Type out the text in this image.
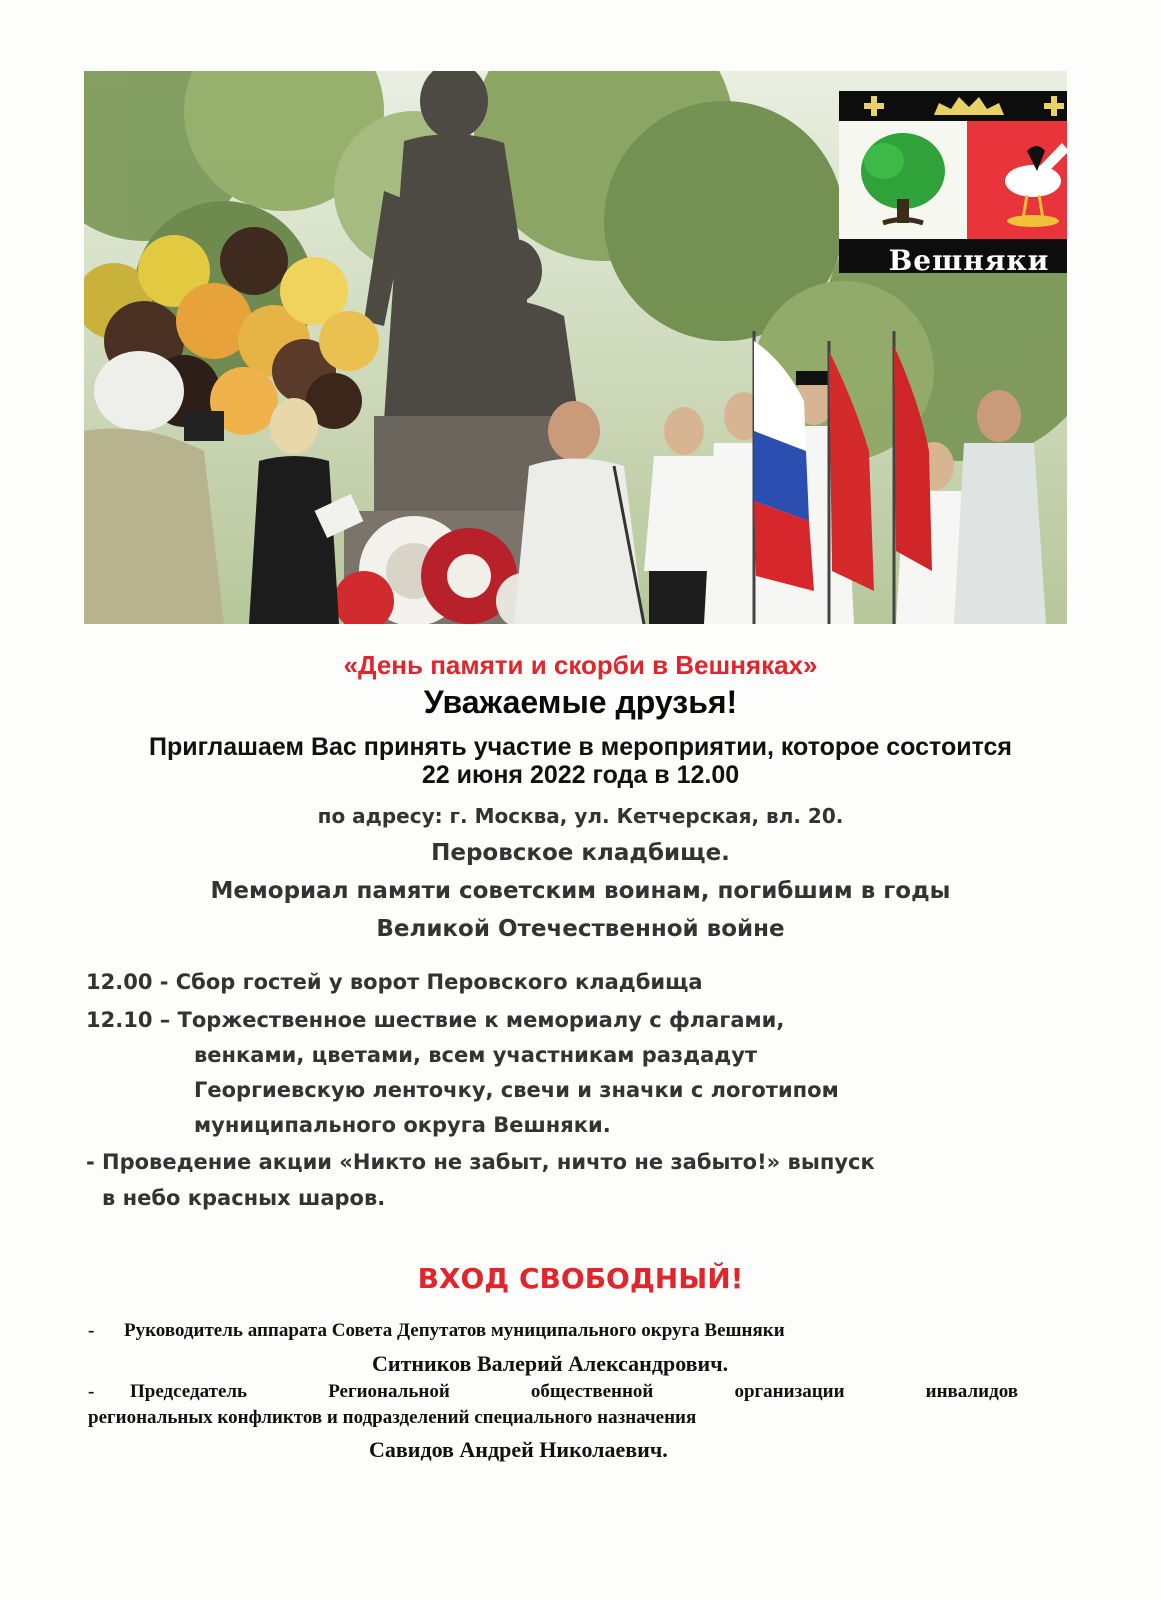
Вешняки
«День памяти и скорби в Вешняках»
Уважаемые друзья!
Приглашаем Вас принять участие в мероприятии, которое состоится
22 июня 2022 года в 12.00
по адресу: г. Москва, ул. Кетчерская, вл. 20.
Перовское кладбище.
Мемориал памяти советским воинам, погибшим в годы
Великой Отечественной войне
12.00 - Сбор гостей у ворот Перовского кладбища
12.10 – Торжественное шествие к мемориалу с флагами,
венками, цветами, всем участникам раздадут
Георгиевскую ленточку, свечи и значки с логотипом
муниципального округа Вешняки.
- Проведение акции «Никто не забыт, ничто не забыто!» выпуск
в небо красных шаров.
ВХОД СВОБОДНЫЙ!
- Руководитель аппарата Совета Депутатов муниципального округа Вешняки
Ситников Валерий Александрович.
- Председатель	Региональной	общественной	организации	инвалидов
региональных конфликтов и подразделений специального назначения
Савидов Андрей Николаевич.
